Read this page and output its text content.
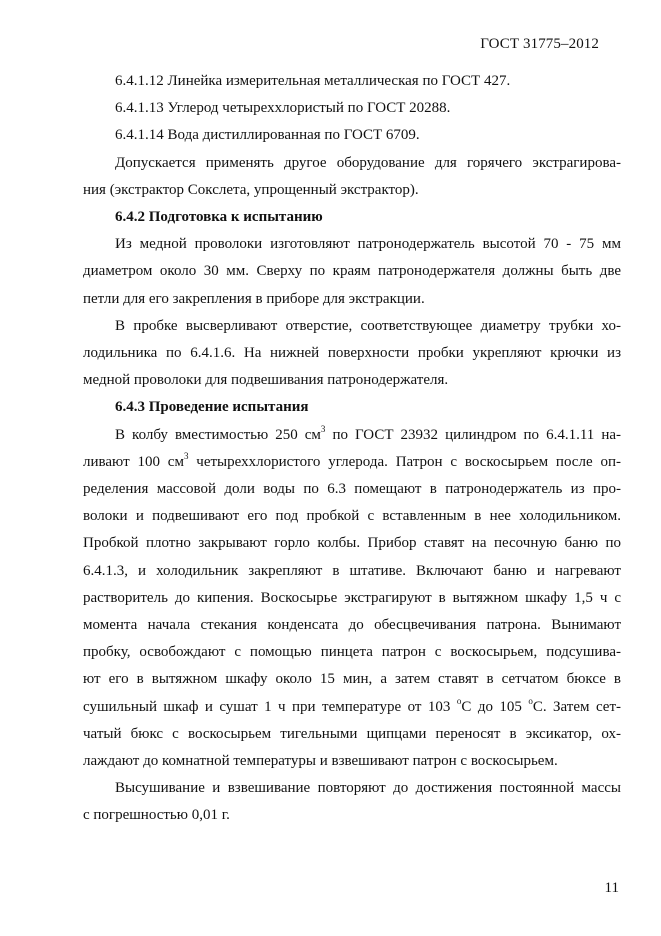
ГОСТ 31775–2012
6.4.1.12 Линейка измерительная металлическая по ГОСТ 427.
6.4.1.13 Углерод четыреххлористый по ГОСТ 20288.
6.4.1.14 Вода дистиллированная по ГОСТ 6709.
Допускается применять другое оборудование для горячего экстрагирова-
ния (экстрактор Сокслета, упрощенный экстрактор).
6.4.2 Подготовка к испытанию
Из медной проволоки изготовляют патронодержатель высотой 70 - 75 мм
диаметром около 30 мм. Сверху по краям патронодержателя должны быть две
петли для его закрепления в приборе для экстракции.
В пробке высверливают отверстие, соответствующее диаметру трубки хо-
лодильника по 6.4.1.6. На нижней поверхности пробки укрепляют крючки из
медной проволоки для подвешивания патронодержателя.
6.4.3 Проведение испытания
В колбу вместимостью 250 $см^3$ по ГОСТ 23932 цилиндром по 6.4.1.11 на-
ливают 100 $см^3$ четыреххлористого углерода. Патрон с воскосырьем после оп-
ределения массовой доли воды по 6.3 помещают в патронодержатель из про-
волоки и подвешивают его под пробкой с вставленным в нее холодильником.
Пробкой плотно закрывают горло колбы. Прибор ставят на песочную баню по
6.4.1.3, и холодильник закрепляют в штативе. Включают баню и нагревают
растворитель до кипения. Воскосырье экстрагируют в вытяжном шкафу 1,5 ч с
момента начала стекания конденсата до обесцвечивания патрона. Вынимают
пробку, освобождают с помощью пинцета патрон с воскосырьем, подсушива-
ют его в вытяжном шкафу около 15 мин, а затем ставят в сетчатом бюксе в
сушильный шкаф и сушат 1 ч при температуре от 103 $^о$С до 105 $^о$С. Затем сет-
чатый бюкс с воскосырьем тигельными щипцами переносят в эксикатор, ох-
лаждают до комнатной температуры и взвешивают патрон с воскосырьем.
Высушивание и взвешивание повторяют до достижения постоянной массы
с погрешностью 0,01 г.
11
